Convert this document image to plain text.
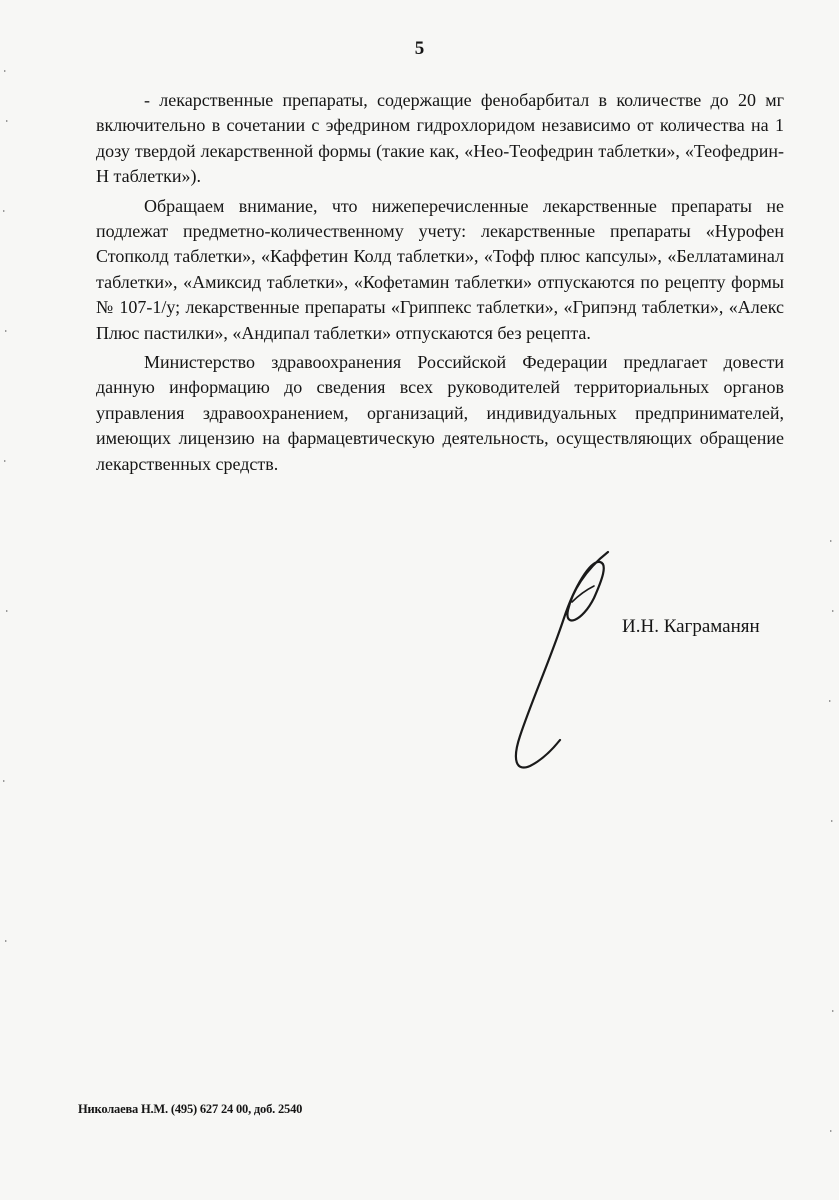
5

- лекарственные препараты, содержащие фенобарбитал в количестве до 20 мг включительно в сочетании с эфедрином гидрохлоридом независимо от количества на 1 дозу твердой лекарственной формы (такие как, «Нео-Теофедрин таблетки», «Теофедрин-Н таблетки»).

Обращаем внимание, что нижеперечисленные лекарственные препараты не подлежат предметно-количественному учету: лекарственные препараты «Нурофен Стопколд таблетки», «Каффетин Колд таблетки», «Тофф плюс капсулы», «Беллатаминал таблетки», «Амиксид таблетки», «Кофетамин таблетки» отпускаются по рецепту формы № 107-1/у; лекарственные препараты «Гриппекс таблетки», «Грипэнд таблетки», «Алекс Плюс пастилки», «Андипал таблетки» отпускаются без рецепта.

Министерство здравоохранения Российской Федерации предлагает довести данную информацию до сведения всех руководителей территориальных органов управления здравоохранением, организаций, индивидуальных предпринимателей, имеющих лицензию на фармацевтическую деятельность, осуществляющих обращение лекарственных средств.

И.Н. Каграманян
Николаева Н.М. (495) 627 24 00, доб. 2540
